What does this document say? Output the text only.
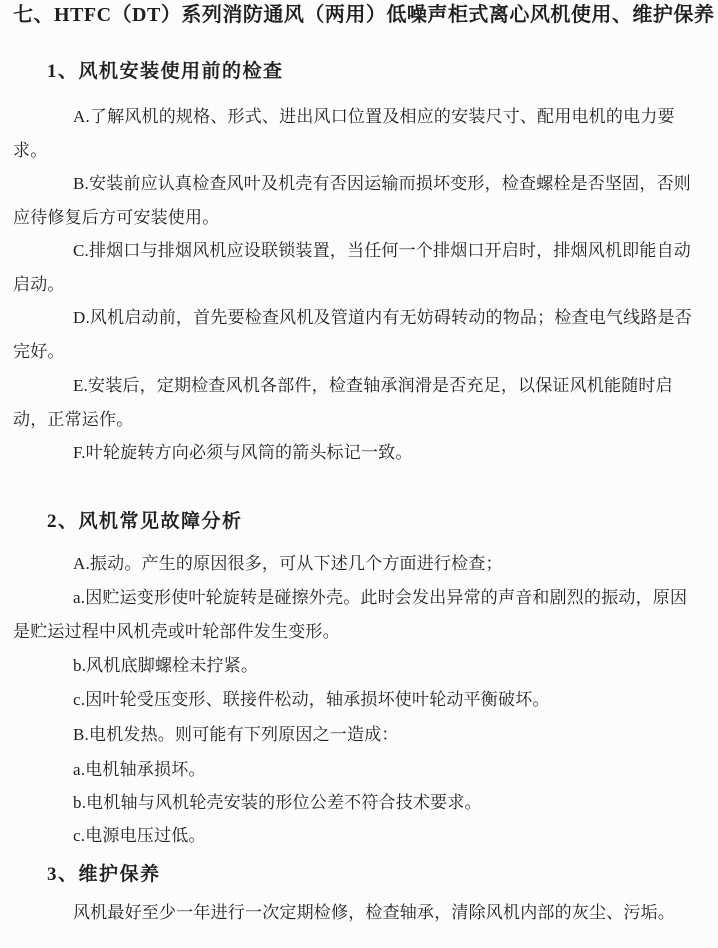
七、HTFC（DT）系列消防通风（两用）低噪声柜式离心风机使用、维护保养
1、风机安装使用前的检查
A.了解风机的规格、形式、进出风口位置及相应的安装尺寸、配用电机的电力要
求。
B.安装前应认真检查风叶及机壳有否因运输而损坏变形，检查螺栓是否坚固，否则
应待修复后方可安装使用。
C.排烟口与排烟风机应设联锁装置，当任何一个排烟口开启时，排烟风机即能自动
启动。
D.风机启动前，首先要检查风机及管道内有无妨碍转动的物品；检查电气线路是否
完好。
E.安装后，定期检查风机各部件，检查轴承润滑是否充足，以保证风机能随时启
动，正常运作。
F.叶轮旋转方向必须与风筒的箭头标记一致。
2、风机常见故障分析
A.振动。产生的原因很多，可从下述几个方面进行检查；
a.因贮运变形使叶轮旋转是碰擦外壳。此时会发出异常的声音和剧烈的振动，原因
是贮运过程中风机壳或叶轮部件发生变形。
b.风机底脚螺栓未拧紧。
c.因叶轮受压变形、联接件松动，轴承损坏使叶轮动平衡破坏。
B.电机发热。则可能有下列原因之一造成：
a.电机轴承损坏。
b.电机轴与风机轮壳安装的形位公差不符合技术要求。
c.电源电压过低。
3、维护保养
风机最好至少一年进行一次定期检修，检查轴承，清除风机内部的灰尘、污垢。
